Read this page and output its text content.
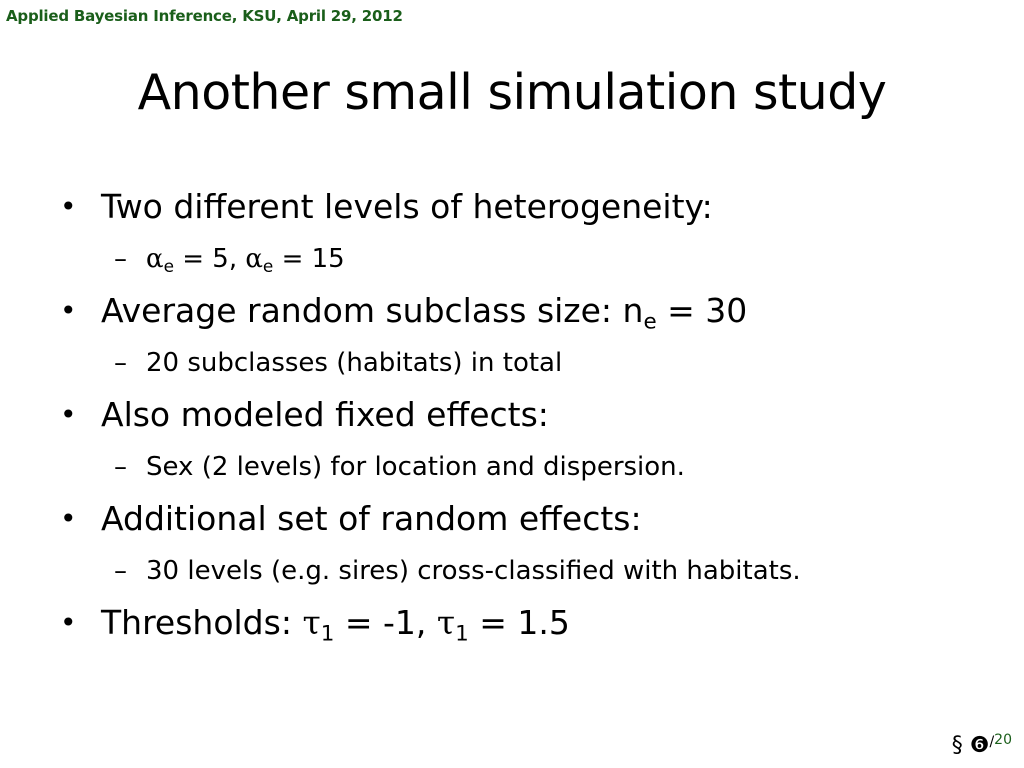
Applied Bayesian Inference, KSU, April 29, 2012
Another small simulation study
• Two different levels of heterogeneity:
– $\alpha_e = 5$, $\alpha_e = 15$
• Average random subclass size: $n_e = 30$
– 20 subclasses (habitats) in total
• Also modeled fixed effects:
– Sex (2 levels) for location and dispersion.
• Additional set of random effects:
– 30 levels (e.g. sires) cross-classified with habitats.
• Thresholds: $\tau_1 = -1$, $\tau_1 = 1.5$
§ ❻$^{/20}$
